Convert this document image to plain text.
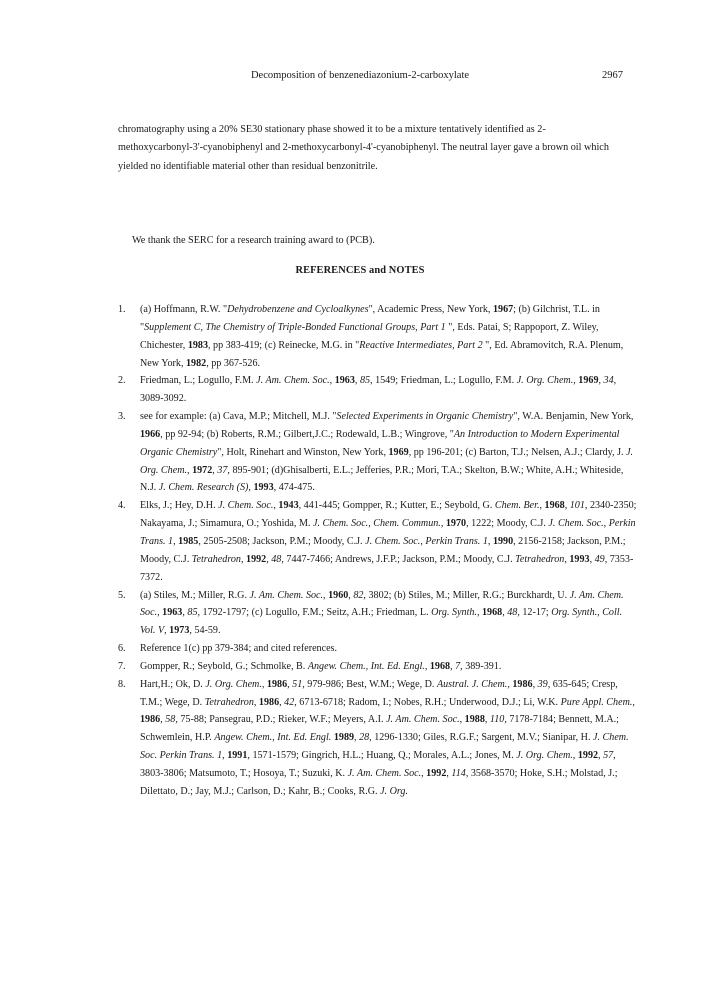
Decomposition of benzenediazonium-2-carboxylate	2967

chromatography using a 20% SE30 stationary phase showed it to be a mixture tentatively identified as 2-methoxycarbonyl-3'-cyanobiphenyl and 2-methoxycarbonyl-4'-cyanobiphenyl. The neutral layer gave a brown oil which yielded no identifiable material other than residual benzonitrile.

We thank the SERC for a research training award to (PCB).

REFERENCES and NOTES
1. (a) Hoffmann, R.W. "Dehydrobenzene and Cycloalkynes", Academic Press, New York, 1967; (b) Gilchrist, T.L. in "Supplement C, The Chemistry of Triple-Bonded Functional Groups, Part 1 ", Eds. Patai, S; Rappoport, Z. Wiley, Chichester, 1983, pp 383-419; (c) Reinecke, M.G. in "Reactive Intermediates, Part 2 ", Ed. Abramovitch, R.A. Plenum, New York, 1982, pp 367-526.
2. Friedman, L.; Logullo, F.M. J. Am. Chem. Soc., 1963, 85, 1549; Friedman, L.; Logullo, F.M. J. Org. Chem., 1969, 34, 3089-3092.
3. see for example: (a) Cava, M.P.; Mitchell, M.J. "Selected Experiments in Organic Chemistry", W.A. Benjamin, New York, 1966, pp 92-94; (b) Roberts, R.M.; Gilbert,J.C.; Rodewald, L.B.; Wingrove, "An Introduction to Modern Experimental Organic Chemistry", Holt, Rinehart and Winston, New York, 1969, pp 196-201; (c) Barton, T.J.; Nelsen, A.J.; Clardy, J. J. Org. Chem., 1972, 37, 895-901; (d)Ghisalberti, E.L.; Jefferies, P.R.; Mori, T.A.; Skelton, B.W.; White, A.H.; Whiteside, N.J. J. Chem. Research (S), 1993, 474-475.
4. Elks, J.; Hey, D.H. J. Chem. Soc., 1943, 441-445; Gompper, R.; Kutter, E.; Seybold, G. Chem. Ber., 1968, 101, 2340-2350; Nakayama, J.; Simamura, O.; Yoshida, M. J. Chem. Soc., Chem. Commun., 1970, 1222; Moody, C.J. J. Chem. Soc., Perkin Trans. 1, 1985, 2505-2508; Jackson, P.M.; Moody, C.J. J. Chem. Soc., Perkin Trans. 1, 1990, 2156-2158; Jackson, P.M.; Moody, C.J. Tetrahedron, 1992, 48, 7447-7466; Andrews, J.F.P.; Jackson, P.M.; Moody, C.J. Tetrahedron, 1993, 49, 7353-7372.
5. (a) Stiles, M.; Miller, R.G. J. Am. Chem. Soc., 1960, 82, 3802; (b) Stiles, M.; Miller, R.G.; Burckhardt, U. J. Am. Chem. Soc., 1963, 85, 1792-1797; (c) Logullo, F.M.; Seitz, A.H.; Friedman, L. Org. Synth., 1968, 48, 12-17; Org. Synth., Coll. Vol. V, 1973, 54-59.
6. Reference 1(c) pp 379-384; and cited references.
7. Gompper, R.; Seybold, G.; Schmolke, B. Angew. Chem., Int. Ed. Engl., 1968, 7, 389-391.
8. Hart,H.; Ok, D. J. Org. Chem., 1986, 51, 979-986; Best, W.M.; Wege, D. Austral. J. Chem., 1986, 39, 635-645; Cresp, T.M.; Wege, D. Tetrahedron, 1986, 42, 6713-6718; Radom, I.; Nobes, R.H.; Underwood, D.J.; Li, W.K. Pure Appl. Chem., 1986, 58, 75-88; Pansegrau, P.D.; Rieker, W.F.; Meyers, A.I. J. Am. Chem. Soc., 1988, 110, 7178-7184; Bennett, M.A.; Schwemlein, H.P. Angew. Chem., Int. Ed. Engl. 1989, 28, 1296-1330; Giles, R.G.F.; Sargent, M.V.; Sianipar, H. J. Chem. Soc. Perkin Trans. 1, 1991, 1571-1579; Gingrich, H.L.; Huang, Q.; Morales, A.L.; Jones, M. J. Org. Chem., 1992, 57, 3803-3806; Matsumoto, T.; Hosoya, T.; Suzuki, K. J. Am. Chem. Soc., 1992, 114, 3568-3570; Hoke, S.H.; Molstad, J.; Dilettato, D.; Jay, M.J.; Carlson, D.; Kahr, B.; Cooks, R.G. J. Org.
